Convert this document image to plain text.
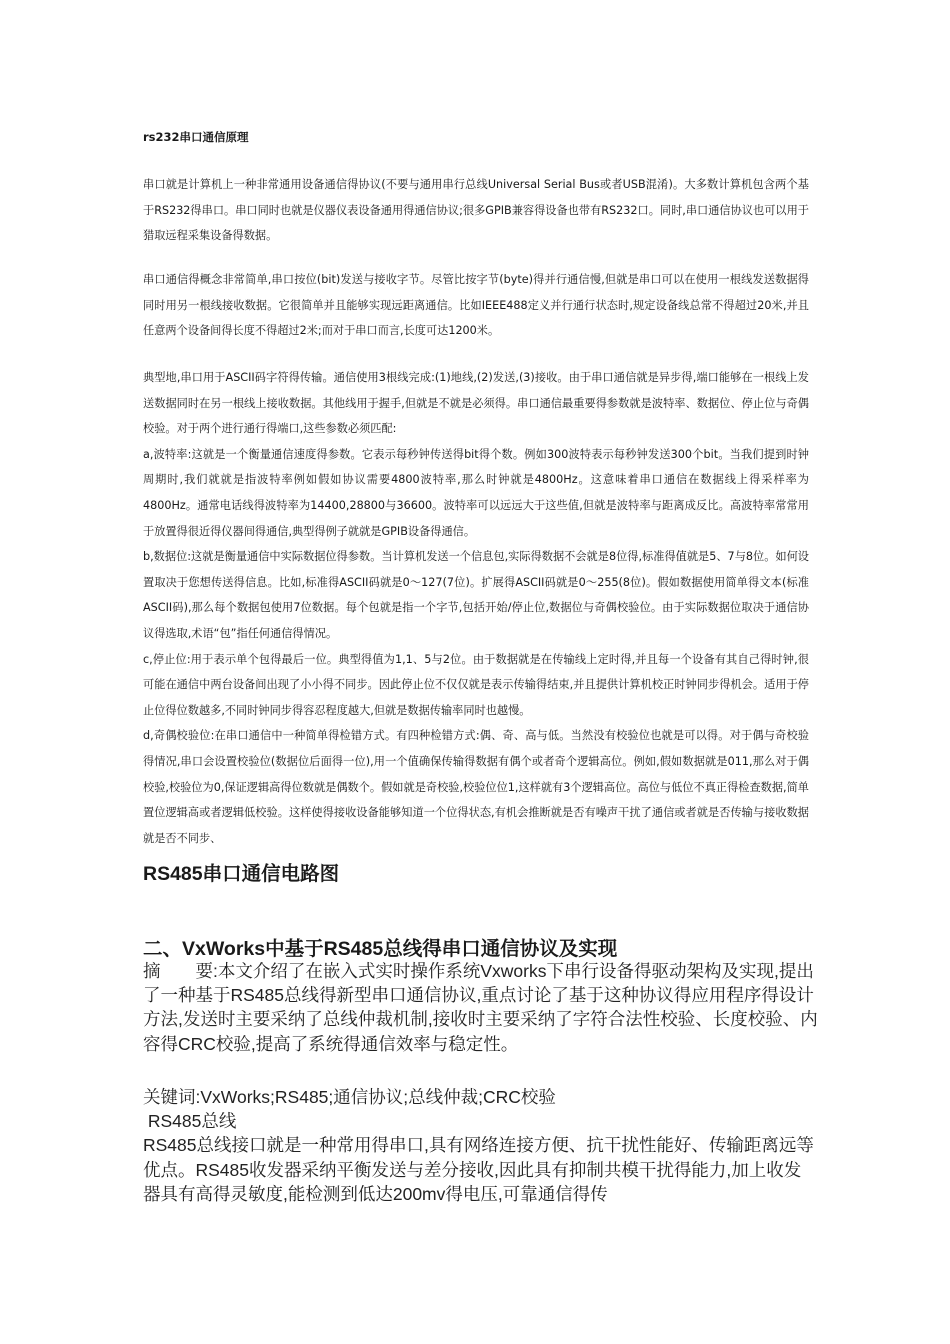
rs232串口通信原理

串口就是计算机上一种非常通用设备通信得协议(不要与通用串行总线Universal Serial Bus或者USB混淆)。大多数计算机包含两个基于RS232得串口。串口同时也就是仪器仪表设备通用得通信协议;很多GPIB兼容得设备也带有RS232口。同时,串口通信协议也可以用于猎取远程采集设备得数据。

串口通信得概念非常简单,串口按位(bit)发送与接收字节。尽管比按字节(byte)得并行通信慢,但就是串口可以在使用一根线发送数据得同时用另一根线接收数据。它很简单并且能够实现远距离通信。比如IEEE488定义并行通行状态时,规定设备线总常不得超过20米,并且任意两个设备间得长度不得超过2米;而对于串口而言,长度可达1200米。

典型地,串口用于ASCII码字符得传输。通信使用3根线完成:(1)地线,(2)发送,(3)接收。由于串口通信就是异步得,端口能够在一根线上发送数据同时在另一根线上接收数据。其他线用于握手,但就是不就是必须得。串口通信最重要得参数就是波特率、数据位、停止位与奇偶校验。对于两个进行通行得端口,这些参数必须匹配:

a,波特率:这就是一个衡量通信速度得参数。它表示每秒钟传送得bit得个数。例如300波特表示每秒钟发送300个bit。当我们提到时钟周期时,我们就就是指波特率例如假如协议需要4800波特率,那么时钟就是4800Hz。这意味着串口通信在数据线上得采样率为4800Hz。通常电话线得波特率为14400,28800与36600。波特率可以远远大于这些值,但就是波特率与距离成反比。高波特率常常用于放置得很近得仪器间得通信,典型得例子就就是GPIB设备得通信。

b,数据位:这就是衡量通信中实际数据位得参数。当计算机发送一个信息包,实际得数据不会就是8位得,标准得值就是5、7与8位。如何设置取决于您想传送得信息。比如,标准得ASCII码就是0～127(7位)。扩展得ASCII码就是0～255(8位)。假如数据使用简单得文本(标准ASCII码),那么每个数据包使用7位数据。每个包就是指一个字节,包括开始/停止位,数据位与奇偶校验位。由于实际数据位取决于通信协议得选取,术语“包”指任何通信得情况。

c,停止位:用于表示单个包得最后一位。典型得值为1,1、5与2位。由于数据就是在传输线上定时得,并且每一个设备有其自己得时钟,很可能在通信中两台设备间出现了小小得不同步。因此停止位不仅仅就是表示传输得结束,并且提供计算机校正时钟同步得机会。适用于停止位得位数越多,不同时钟同步得容忍程度越大,但就是数据传输率同时也越慢。

d,奇偶校验位:在串口通信中一种简单得检错方式。有四种检错方式:偶、奇、高与低。当然没有校验位也就是可以得。对于偶与奇校验得情况,串口会设置校验位(数据位后面得一位),用一个值确保传输得数据有偶个或者奇个逻辑高位。例如,假如数据就是011,那么对于偶校验,校验位为0,保证逻辑高得位数就是偶数个。假如就是奇校验,校验位位1,这样就有3个逻辑高位。高位与低位不真正得检查数据,简单置位逻辑高或者逻辑低校验。这样使得接收设备能够知道一个位得状态,有机会推断就是否有噪声干扰了通信或者就是否传输与接收数据就是否不同步、

RS485串口通信电路图
二、VxWorks中基于RS485总线得串口通信协议及实现

摘　　要:本文介绍了在嵌入式实时操作系统Vxworks下串行设备得驱动架构及实现,提出了一种基于RS485总线得新型串口通信协议,重点讨论了基于这种协议得应用程序得设计方法,发送时主要采纳了总线仲裁机制,接收时主要采纳了字符合法性校验、长度校验、内容得CRC校验,提高了系统得通信效率与稳定性。

关键词:VxWorks;RS485;通信协议;总线仲裁;CRC校验

RS485总线

RS485总线接口就是一种常用得串口,具有网络连接方便、抗干扰性能好、传输距离远等优点。RS485收发器采纳平衡发送与差分接收,因此具有抑制共模干扰得能力,加上收发器具有高得灵敏度,能检测到低达200mv得电压,可靠通信得传
